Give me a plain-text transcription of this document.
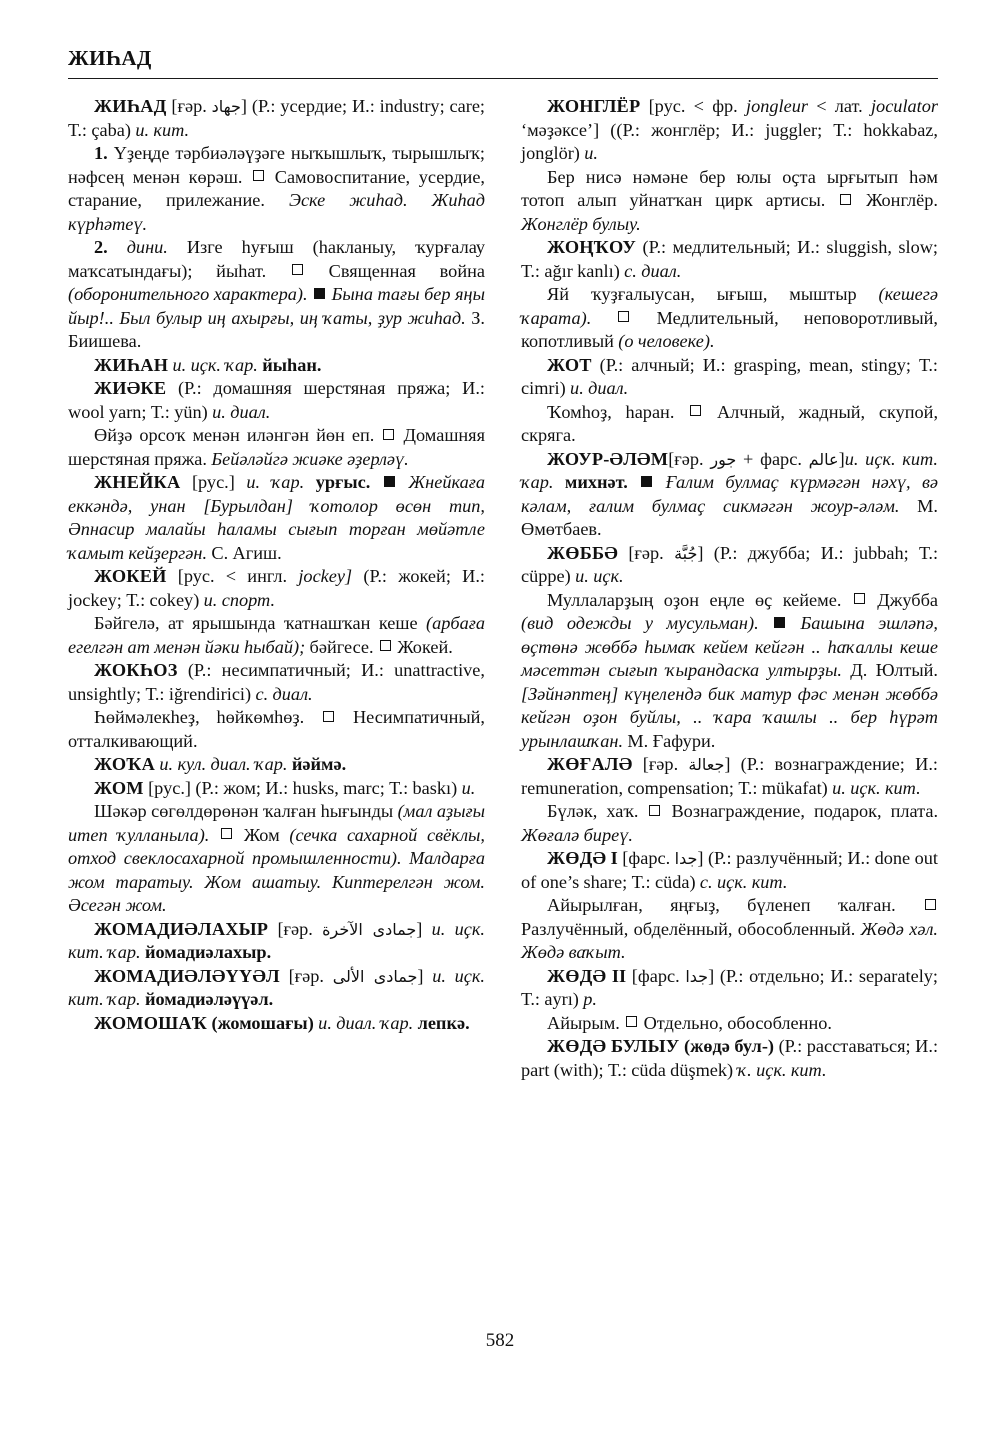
ЖИҺАД

ЖИҺАД [ғəр. جهاد] (Р.: усердие; И.: industry; care; Т.: çaba) и. кит.

1. Үҙеңде тəрбиəлəүҙəге ныҡышлыҡ, тырышлыҡ; нəфсең менəн көрəш. Самовоспитание, усердие, старание, прилежание. Эске жиһад. Жиһад күрһəтеү.

2. дини. Изге һуғыш (һакланыу, ҡурғалау маҡсатындағы); йыһат.	Священная война (оборонительного характера). Бына тағы бер яңы йыр!.. Был булыр иң ахырғы, иң ҡаты, ҙур жиһад. З. Биишева.

ЖИҺАН и. иҫк. ҡар. йыһан.

ЖИӘКЕ (Р.: домашняя шерстяная пряжа; И.: wool yarn; Т.: yün) и. диал.

Өйҙə орсоҡ менəн илəнгəн йөн еп. Домашняя шерстяная пряжа. Бейəлəйгə жиəке əҙерлəү.

ЖНЕЙКА [рус.] и. ҡар. урғыс. Жнейкаға еккəндə, унан [Бурылдан] ҡотолор өсөн тип, Əпнасир малайы һаламы сығып торған мөйəтле ҡамыт кейҙергəн. С. Агиш.

ЖОКЕЙ [рус. < ингл. jockey] (Р.: жокей; И.: jockey; Т.: cokey) и. спорт.

Бəйгелə, ат ярышында ҡатнашҡан кеше (арбаға егелгəн ат менəн йəки һыбай); бəйгесе. Жокей.

ЖОКҺОЗ (Р.: несимпатичный; И.: unattractive, unsightly; Т.: iğrendirici) с. диал.

Һөймəлекһеҙ, һөйкөмһөҙ.	Несимпатичный, отталкивающий.

ЖОҠА и. кул. диал. ҡар. йəймə.

ЖОМ [рус.] (Р.: жом; И.: husks, marc; Т.: baskı) и.

Шəкəр сөгөлдөрөнəн ҡалған һығынды (мал аҙығы итеп ҡулланыла). Жом (сечка сахарной свёклы, отход свеклосахарной промышленности). Малдарға жом таратыу. Жом ашатыу. Киптерелгəн жом. Əсегəн жом.

ЖОМАДИӘЛАХЫР [ғəр. جمادى الآخرة] и. иҫк. кит. ҡар. йомадиəлахыр.

ЖОМАДИӘЛӘҮҮӘЛ [ғəр. جمادى الألى] и. иҫк. кит. ҡар. йомадиəлəүүəл.

ЖОМОШАҠ (жомошағы) и. диал. ҡар. лепкə.

ЖОНГЛЁР [рус. < фр. jongleur < лат. joculator ‘мəҙəксе’] ((Р.: жонглёр; И.: juggler; Т.: hokkabaz, jonglör) и.

Бер нисə нəмəне бер юлы оҫта ырғытып һəм тотоп алып уйнатҡан цирк артисы. Жонглёр. Жонглёр булыу.

ЖОҢҠОУ (Р.: медлительный; И.: sluggish, slow; Т.: ağır kanlı) с. диал.

Яй ҡуҙғалыусан, ығыш, мыштыр (кешегə ҡарата).	Медлительный, неповоротливый, копотливый (о человеке).

ЖОТ (Р.: алчный; И.: grasping, mean, stingy; Т.: cimri) и. диал.

Ҡомһоҙ, һаран. Алчный, жадный, скупой, скряга.

ЖОУР-ӘЛӘМ[ғəр. جور + фарс. عالم]и. иҫк. кит. ҡар. михнəт. Ғалим булмаҫ күрмəгəн нəхү, вə кəлам, ғалим булмаҫ сикмəгəн жоур-əлəм. М. Өмөтбаев.

ЖӨББӘ [ғəр. جُبَّة] (Р.: джубба; И.: jubbah; Т.: cüppe) и. иҫк.

Муллаларҙың оҙон еңле өҫ кейеме. Джубба (вид одежды у мусульман). Башына эшлəпə, өҫтөнə жөббə һымаҡ кейем кейгəн .. һаҡаллы кеше мəсеттəн сығып ҡырандаска ултырҙы. Д. Юлтый. [Зəйнəптең] күңелендə бик матур фəс менəн жөббə кейгəн оҙон буйлы, .. ҡара ҡашлы .. бер һүрəт урынлашҡан. М. Ғафури.

ЖӨҒАЛӘ [ғəр. جعالة] (Р.: вознаграждение; И.: remuneration, compensation; Т.: mükafat) и. иҫк. кит.

Бүлəк, хаҡ. Вознаграждение, подарок, плата. Жөғалə бирeү.

ЖӨДӘ I [фарс. جدا] (Р.: разлучённый; И.: done out of one’s share; Т.: cüda) с. иҫк. кит.

Айырылған, яңғыҙ, бүленеп ҡалған.  Разлучённый, обделённый, обособленный. Жөдə хəл. Жөдə ваҡыт.

ЖӨДӘ II [фарс. جدا] (Р.: отдельно; И.: separately; Т.: ayrı) р.

Айырым. Отдельно, обособленно.

ЖӨДӘ БУЛЫУ (жөдə бул-) (Р.: расставаться; И.: part (with); Т.: cüda düşmek) ҡ. иҫк. кит.

582
